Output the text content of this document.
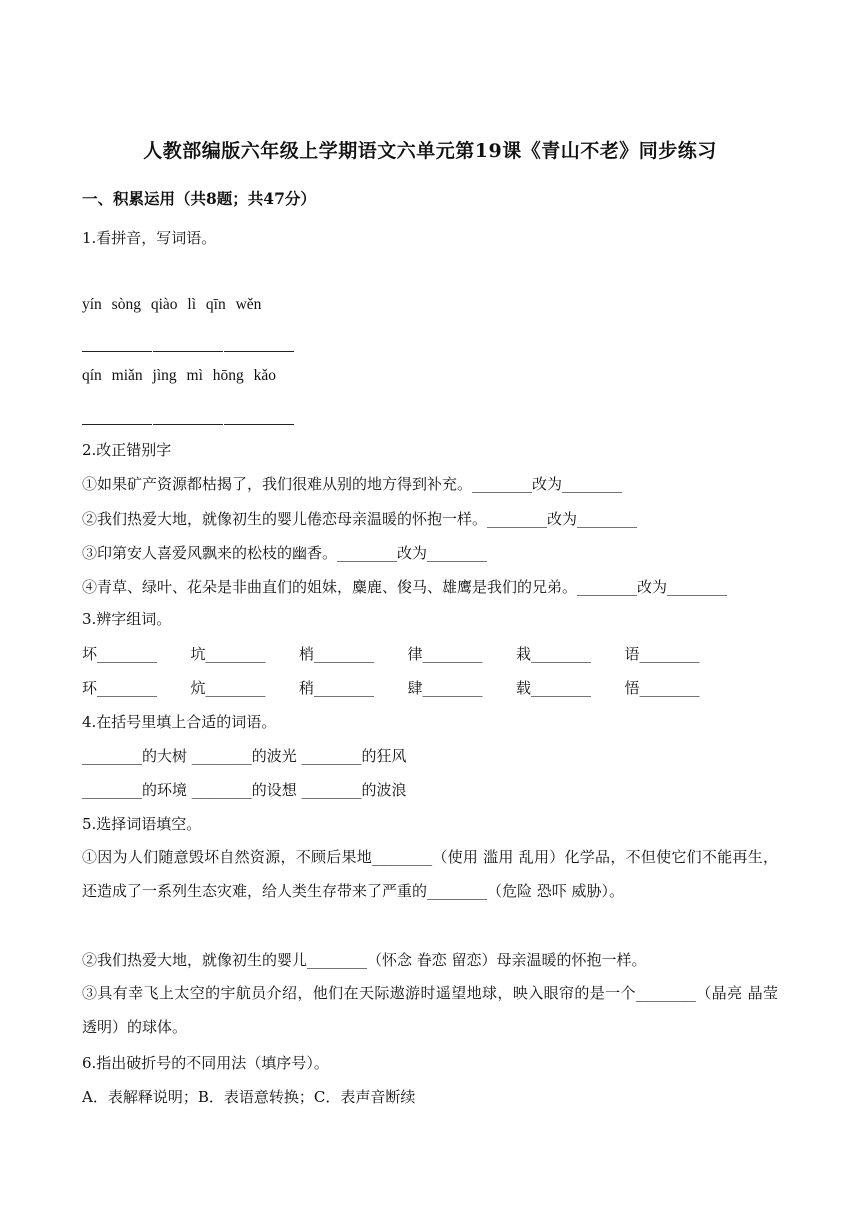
人教部编版六年级上学期语文六单元第19课《青山不老》同步练习
一、积累运用（共8题；共47分）
1.看拼音，写词语。
yín sòng qiào lì qīn wěn
qín miǎn jìng mì hōng kǎo
2.改正错别字
①如果矿产资源都枯揭了，我们很难从别的地方得到补充。________改为________
②我们热爱大地，就像初生的婴儿倦恋母亲温暖的怀抱一样。________改为________
③印第安人喜爱风飘来的松枝的幽香。________改为________
④青草、绿叶、花朵是非曲直们的姐妹，麋鹿、俊马、雄鹰是我们的兄弟。________改为________
3.辨字组词。
坏________	坑________	梢________	律________	栽________	语________
环________	炕________	稍________	肆________	载________	悟________
4.在括号里填上合适的词语。
________的大树 ________的波光 ________的狂风
________的环境 ________的设想 ________的波浪
5.选择词语填空。
①因为人们随意毁坏自然资源，不顾后果地________（使用 滥用 乱用）化学品，不但使它们不能再生，还造成了一系列生态灾难，给人类生存带来了严重的________（危险 恐吓 威胁）。
②我们热爱大地，就像初生的婴儿________（怀念 眷恋 留恋）母亲温暖的怀抱一样。
③具有幸飞上太空的宇航员介绍，他们在天际遨游时遥望地球，映入眼帘的是一个________（晶亮 晶莹 透明）的球体。
6.指出破折号的不同用法（填序号）。
A．表解释说明；B．表语意转换；C．表声音断续
